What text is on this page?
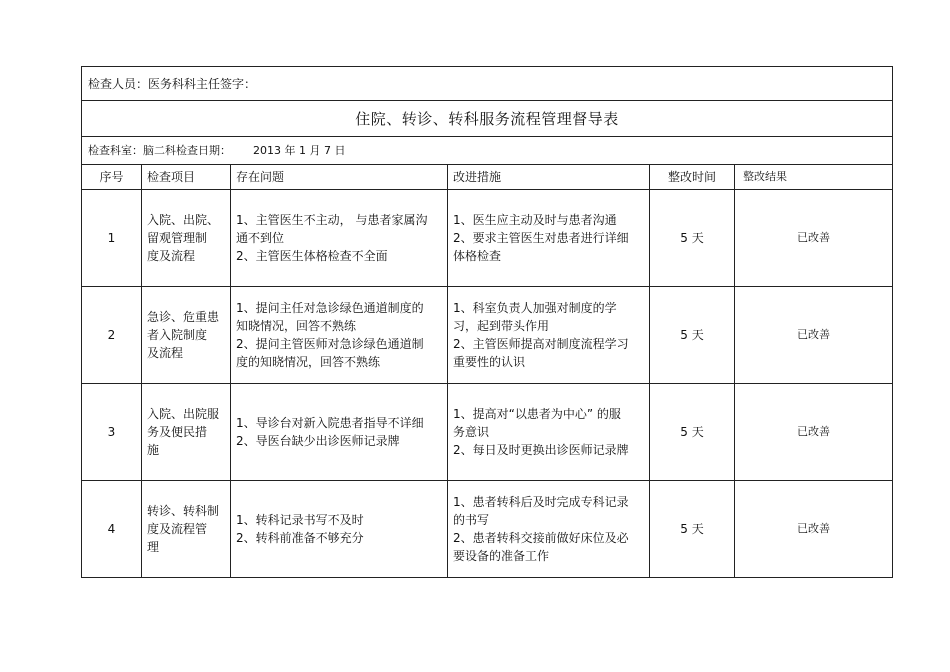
检查人员：医务科科主任签字：					
住院、转诊、转科服务流程管理督导表					
检查科室：脑二科检查日期： 2013 年 1 月 7 日					
序号	检查项目	存在问题	改进措施	整改时间	整改结果
1	入院、出院、
留观管理制
度及流程	1、主管医生不主动， 与患者家属沟
通不到位
2、主管医生体格检查不全面	1、医生应主动及时与患者沟通
2、要求主管医生对患者进行详细
体格检查	5 天	已改善
2	急诊、危重患
者入院制度
及流程	1、提问主任对急诊绿色通道制度的
知晓情况，回答不熟练
2、提问主管医师对急诊绿色通道制
度的知晓情况，回答不熟练	1、科室负责人加强对制度的学
习，起到带头作用
2、主管医师提高对制度流程学习
重要性的认识	5 天	已改善
3	入院、出院服
务及便民措
施	1、导诊台对新入院患者指导不详细
2、导医台缺少出诊医师记录牌	1、提高对“以患者为中心” 的服
务意识
2、每日及时更换出诊医师记录牌	5 天	已改善
4	转诊、转科制
度及流程管
理	1、转科记录书写不及时
2、转科前准备不够充分	1、患者转科后及时完成专科记录
的书写
2、患者转科交接前做好床位及必
要设备的准备工作	5 天	已改善
